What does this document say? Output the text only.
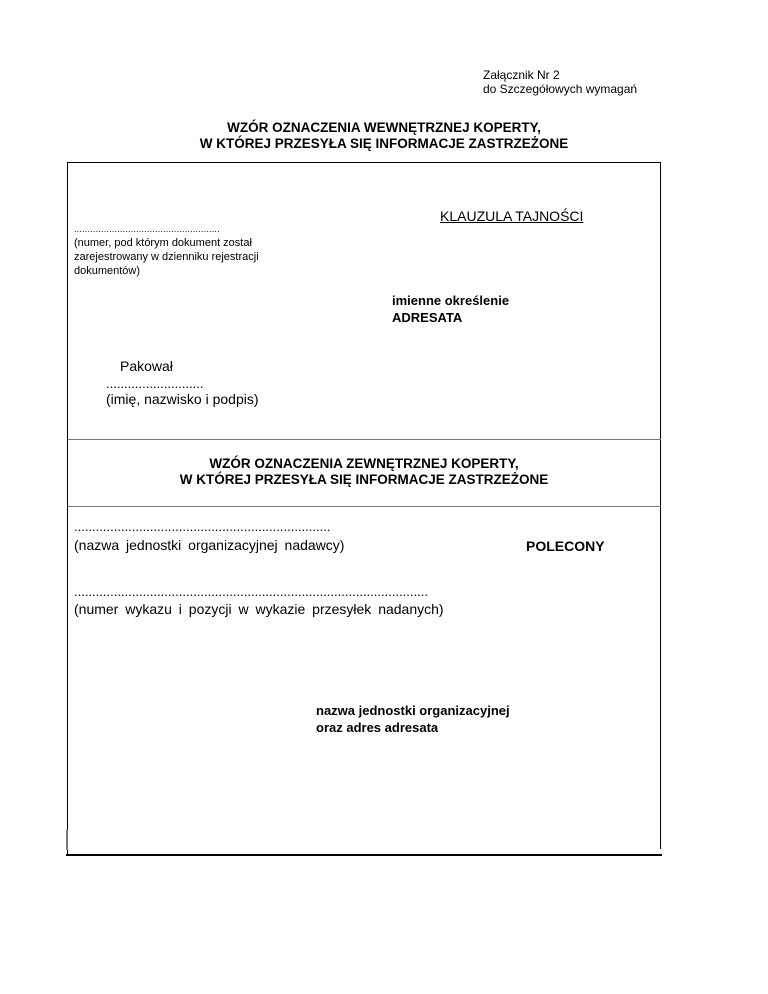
Załącznik Nr 2
do Szczegółowych wymagań
WZÓR OZNACZENIA WEWNĘTRZNEJ KOPERTY,
W KTÓREJ PRZESYŁA SIĘ INFORMACJE ZASTRZEŻONE
KLAUZULA TAJNOŚCI
......................................................
(numer, pod którym dokument został zarejestrowany w dzienniku rejestracji dokumentów)
imienne określenie
ADRESATA
Pakował
...........................
(imię, nazwisko i podpis)
WZÓR OZNACZENIA ZEWNĘTRZNEJ KOPERTY,
W KTÓREJ PRZESYŁA SIĘ INFORMACJE ZASTRZEŻONE
.......................................................................
(nazwa jednostki organizacyjnej nadawcy)	POLECONY
..................................................................................................
(numer wykazu i pozycji w wykazie przesyłek nadanych)
nazwa jednostki organizacyjnej
oraz adres adresata
